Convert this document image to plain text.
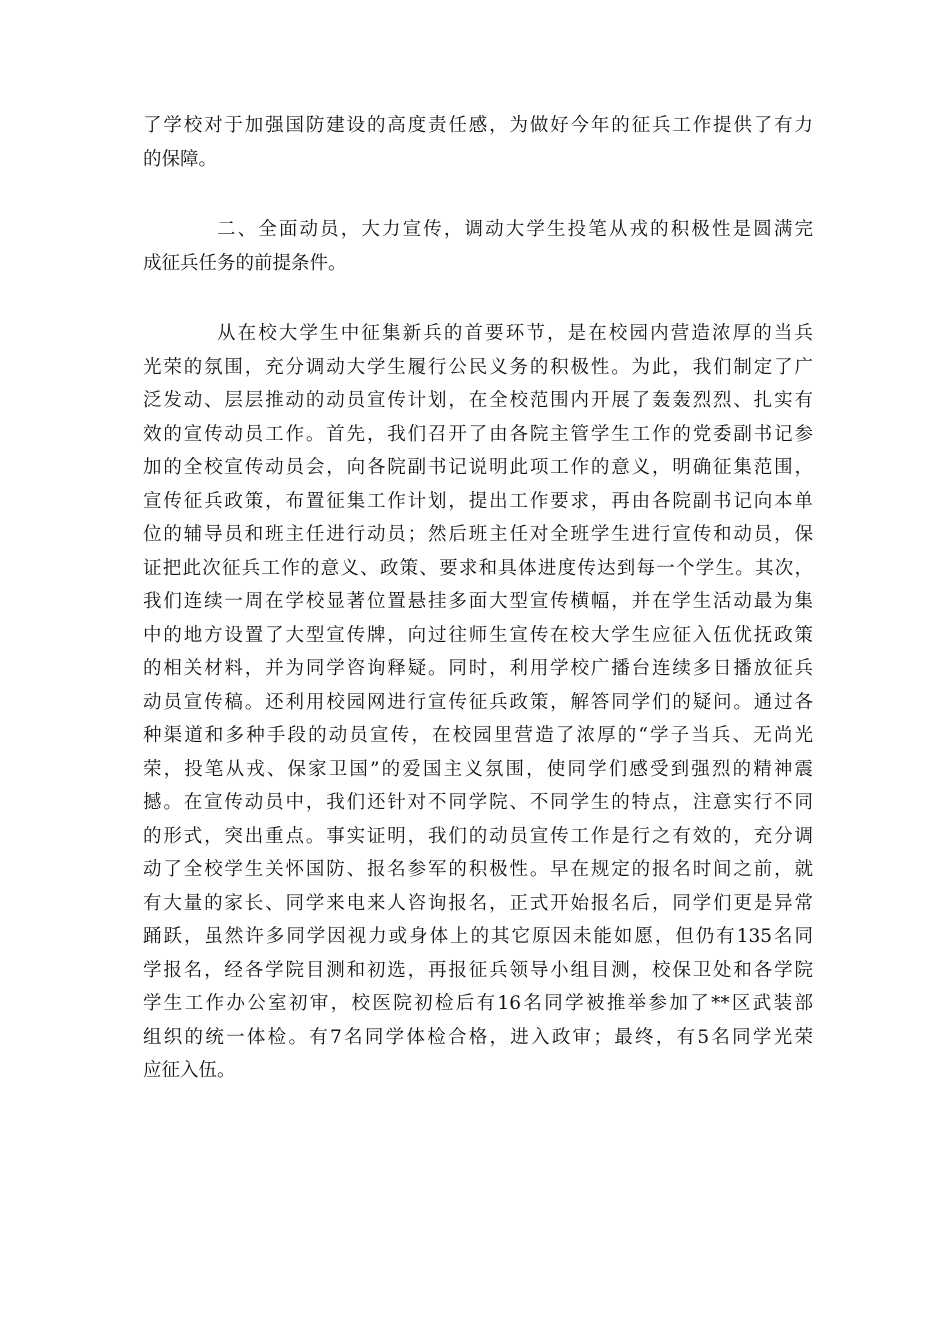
了学校对于加强国防建设的高度责任感，为做好今年的征兵工作提供了有力
的保障。
二、全面动员，大力宣传，调动大学生投笔从戎的积极性是圆满完
成征兵任务的前提条件。
从在校大学生中征集新兵的首要环节，是在校园内营造浓厚的当兵
光荣的氛围，充分调动大学生履行公民义务的积极性。为此，我们制定了广
泛发动、层层推动的动员宣传计划，在全校范围内开展了轰轰烈烈、扎实有
效的宣传动员工作。首先，我们召开了由各院主管学生工作的党委副书记参
加的全校宣传动员会，向各院副书记说明此项工作的意义，明确征集范围，
宣传征兵政策，布置征集工作计划，提出工作要求，再由各院副书记向本单
位的辅导员和班主任进行动员；然后班主任对全班学生进行宣传和动员，保
证把此次征兵工作的意义、政策、要求和具体进度传达到每一个学生。其次，
我们连续一周在学校显著位置悬挂多面大型宣传横幅，并在学生活动最为集
中的地方设置了大型宣传牌，向过往师生宣传在校大学生应征入伍优抚政策
的相关材料，并为同学咨询释疑。同时，利用学校广播台连续多日播放征兵
动员宣传稿。还利用校园网进行宣传征兵政策，解答同学们的疑问。通过各
种渠道和多种手段的动员宣传，在校园里营造了浓厚的“学子当兵、无尚光
荣，投笔从戎、保家卫国”的爱国主义氛围，使同学们感受到强烈的精神震
撼。在宣传动员中，我们还针对不同学院、不同学生的特点，注意实行不同
的形式，突出重点。事实证明，我们的动员宣传工作是行之有效的，充分调
动了全校学生关怀国防、报名参军的积极性。早在规定的报名时间之前，就
有大量的家长、同学来电来人咨询报名，正式开始报名后，同学们更是异常
踊跃，虽然许多同学因视力或身体上的其它原因未能如愿，但仍有135名同
学报名，经各学院目测和初选，再报征兵领导小组目测，校保卫处和各学院
学生工作办公室初审，校医院初检后有16名同学被推举参加了**区武装部
组织的统一体检。有7名同学体检合格，进入政审；最终，有5名同学光荣
应征入伍。
